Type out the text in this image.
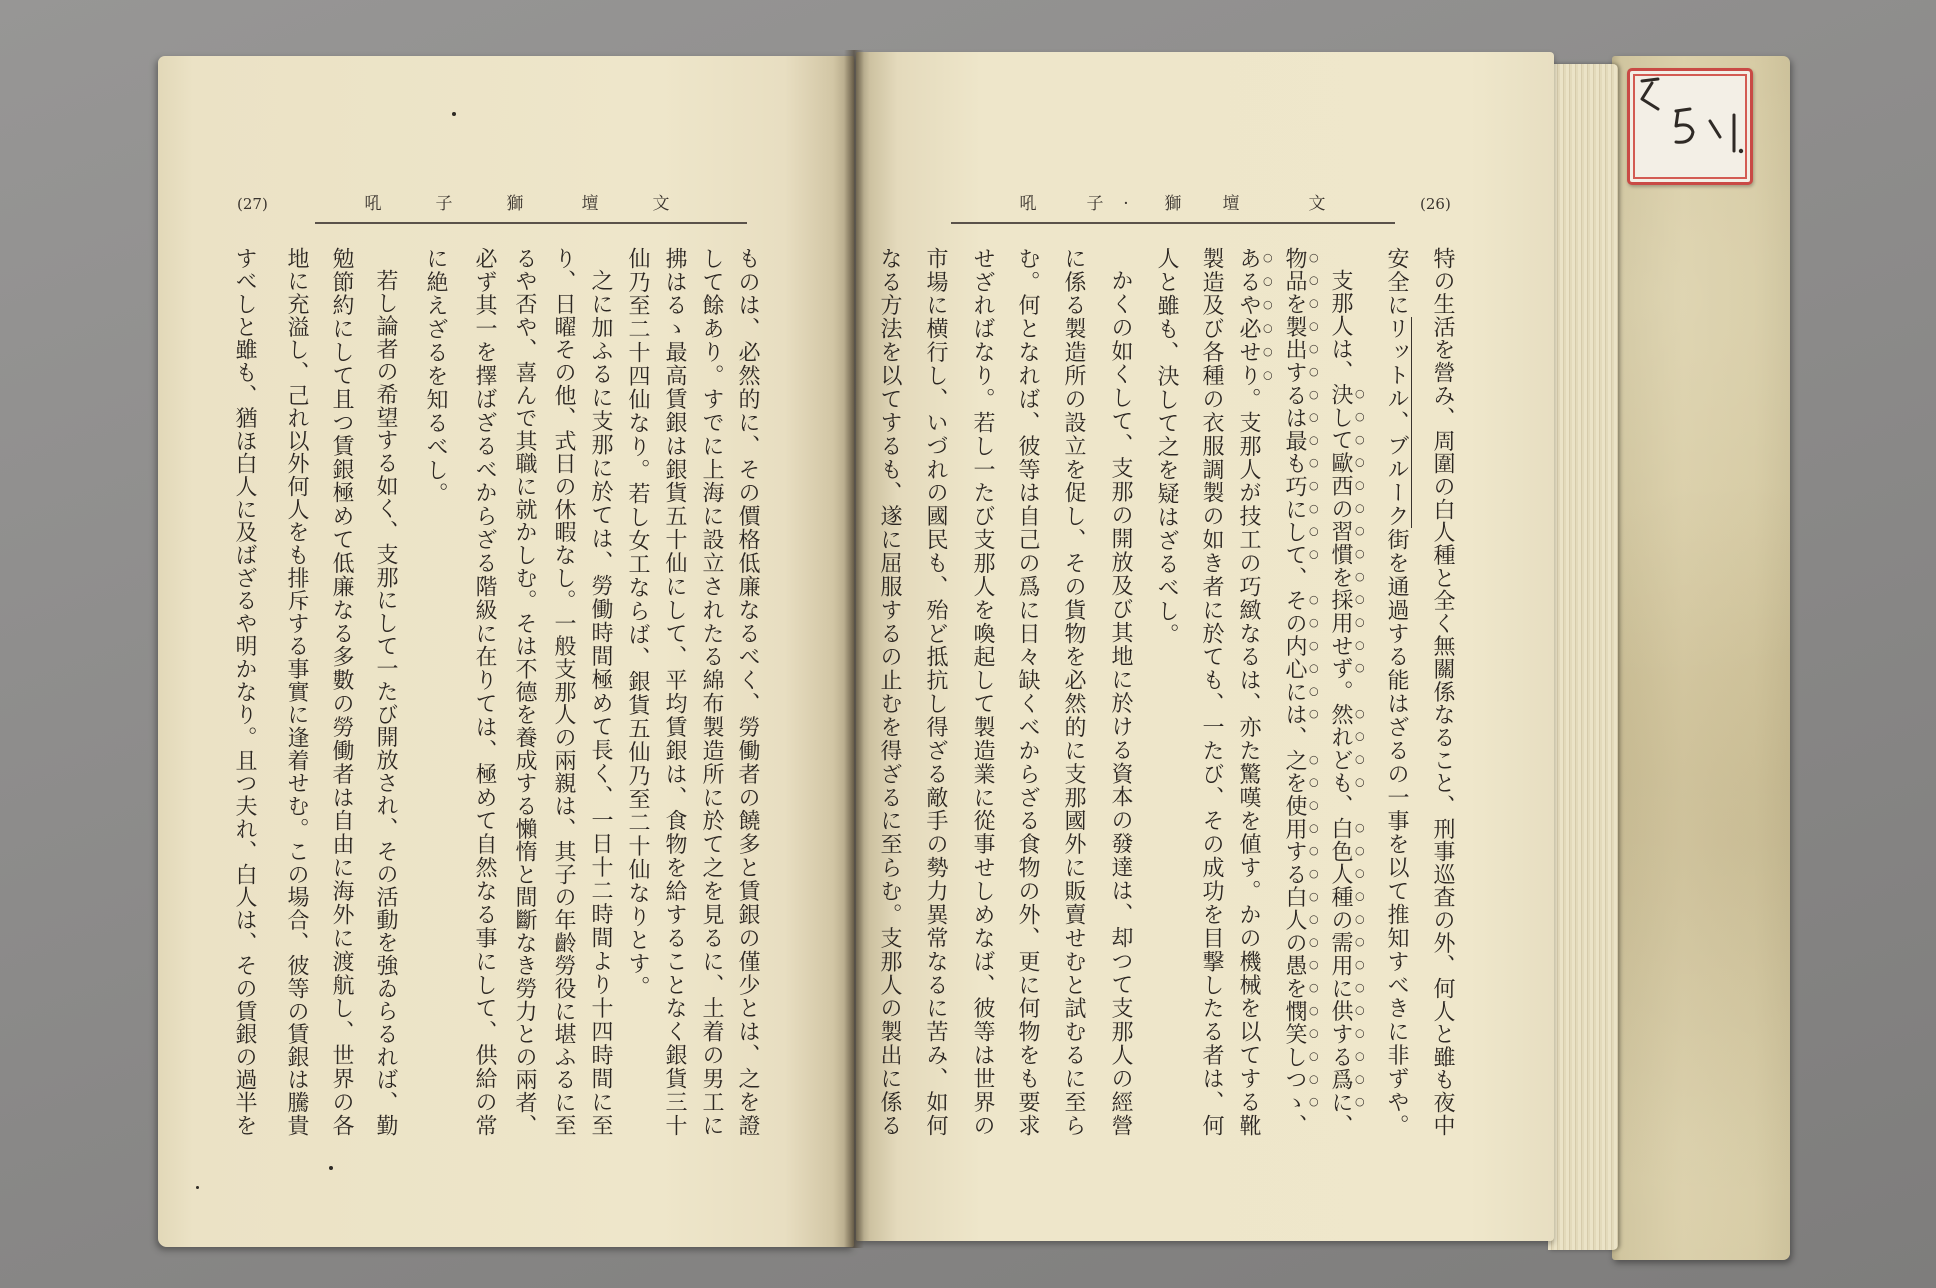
(27)	吼	子	獅	壇	文	吼	子	·	獅 壇	文	(26)
ものは、必然的に、その價格低廉なるべく、勞働者の饒多と賃銀の僅少とは、之を證
して餘あり。すでに上海に設立されたる綿布製造所に於て之を見るに、土着の男工に
拂はるゝ最高賃銀は銀貨五十仙にして、平均賃銀は、食物を給することなく銀貨三十
仙乃至二十四仙なり。若し女工ならば、銀貨五仙乃至二十仙なりとす。
之に加ふるに支那に於ては、勞働時間極めて長く、一日十二時間より十四時間に至
り、日曜その他、式日の休暇なし。一般支那人の兩親は、其子の年齡勞役に堪ふるに至
るや否や、喜んで其職に就かしむ。そは不德を養成する懶惰と間斷なき勞力との兩者、
必ず其一を擇ばざるべからざる階級に在りては、極めて自然なる事にして、供給の常
に絶えざるを知るべし。
若し論者の希望する如く、支那にして一たび開放され、その活動を強ゐらるれば、勤
勉節約にして且つ賃銀極めて低廉なる多數の勞働者は自由に海外に渡航し、世界の各
地に充溢し、己れ以外何人をも排斥する事實に逢着せむ。この場合、彼等の賃銀は騰貴
すべしと雖も、猶ほ白人に及ばざるや明かなり。且つ夫れ、白人は、その賃銀の過半を	特の生活を營み、周圍の白人種と全く無關係なること、刑事巡査の外、何人と雖も夜中
安全にリットル、ブルーク街を通過する能はざるの一事を以て推知すべきに非ずや。
支那人は、決して歐西の習慣を採用せず。然れども、白色人種の需用に供する爲に、
物品を製出するは最も巧にして、その内心には、之を使用する白人の愚を憫笑しつゝ、
あるや必せり。支那人が技工の巧緻なるは、亦た驚嘆を値す。かの機械を以てする靴
製造及び各種の衣服調製の如き者に於ても、一たび、その成功を目撃したる者は、何
人と雖も、決して之を疑はざるべし。
かくの如くして、支那の開放及び其地に於ける資本の發達は、却つて支那人の經營
に係る製造所の設立を促し、その貨物を必然的に支那國外に販賣せむと試むるに至ら
む。何となれば、彼等は自己の爲に日々缺くべからざる食物の外、更に何物をも要求
せざればなり。若し一たび支那人を喚起して製造業に從事せしめなば、彼等は世界の
市場に横行し、いづれの國民も、殆ど抵抗し得ざる敵手の勢力異常なるに苦み、如何
なる方法を以てするも、遂に屈服するの止むを得ざるに至らむ。支那人の製出に係る
